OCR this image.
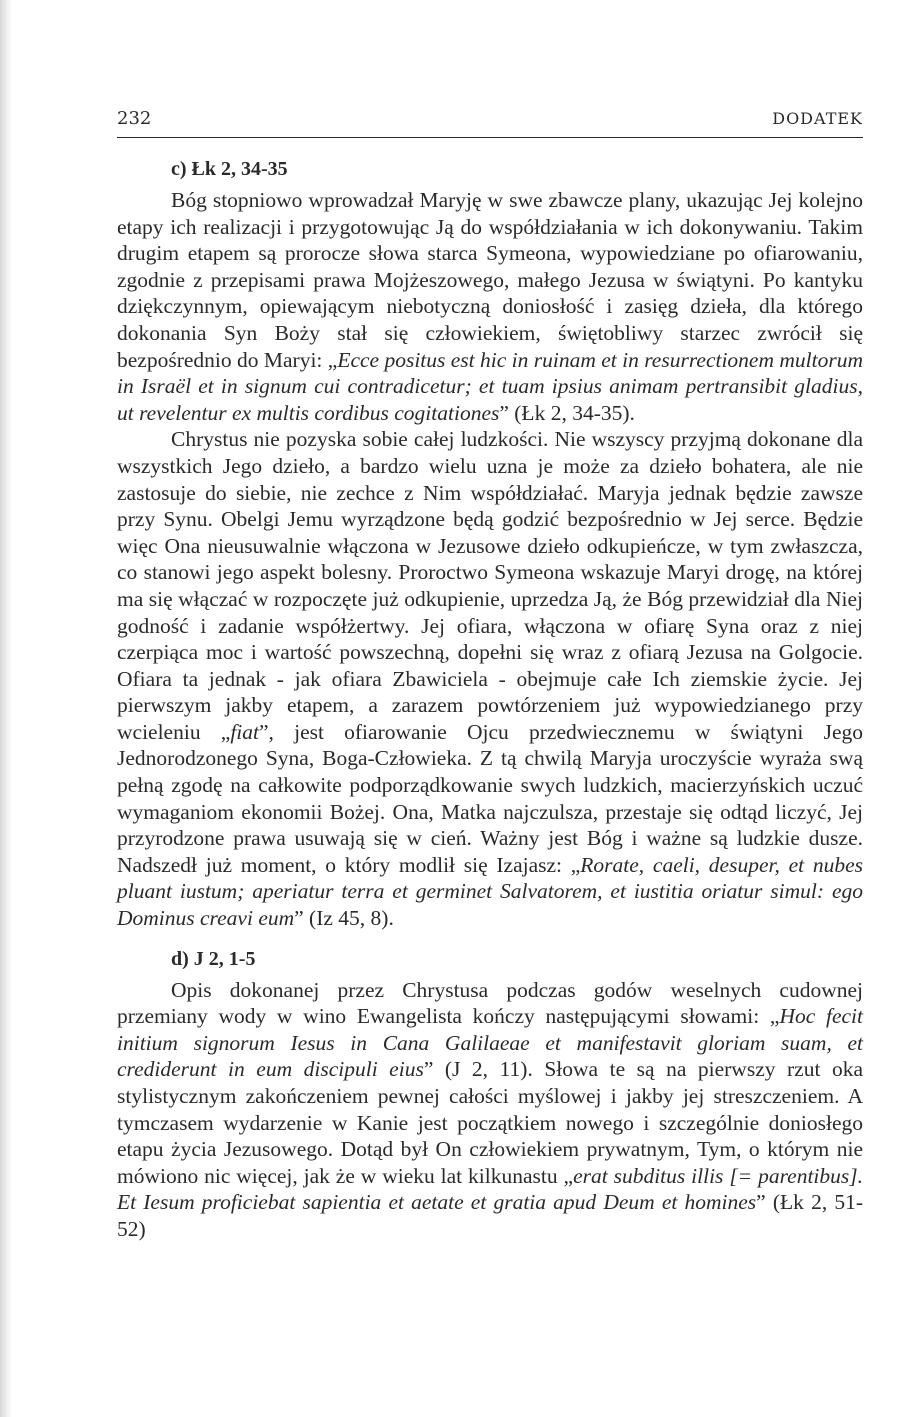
232	DODATEK
c) Łk 2, 34-35

Bóg stopniowo wprowadzał Maryję w swe zbawcze plany, ukazując Jej kolejno etapy ich realizacji i przygotowując Ją do współdziałania w ich dokonywaniu. Takim drugim etapem są prorocze słowa starca Symeona, wypowiedziane po ofiarowaniu, zgodnie z przepisami prawa Mojżeszowego, małego Jezusa w świątyni. Po kantyku dziękczynnym, opiewającym niebotyczną doniosłość i zasięg dzieła, dla którego dokonania Syn Boży stał się człowiekiem, świętobliwy starzec zwrócił się bezpośrednio do Maryi: „Ecce positus est hic in ruinam et in resurrectionem multorum in Israël et in signum cui contradicetur; et tuam ipsius animam pertransibit gladius, ut revelentur ex multis cordibus cogitationes” (Łk 2, 34-35).

Chrystus nie pozyska sobie całej ludzkości. Nie wszyscy przyjmą dokonane dla wszystkich Jego dzieło, a bardzo wielu uzna je może za dzieło bohatera, ale nie zastosuje do siebie, nie zechce z Nim współdziałać. Maryja jednak będzie zawsze przy Synu. Obelgi Jemu wyrządzone będą godzić bezpośrednio w Jej serce. Będzie więc Ona nieusuwalnie włączona w Jezusowe dzieło odkupieńcze, w tym zwłaszcza, co stanowi jego aspekt bolesny. Proroctwo Symeona wskazuje Maryi drogę, na której ma się włączać w rozpoczęte już odkupienie, uprzedza Ją, że Bóg przewidział dla Niej godność i zadanie współżertwy. Jej ofiara, włączona w ofiarę Syna oraz z niej czerpiąca moc i wartość powszechną, dopełni się wraz z ofiarą Jezusa na Golgocie. Ofiara ta jednak - jak ofiara Zbawiciela - obejmuje całe Ich ziemskie życie. Jej pierwszym jakby etapem, a zarazem powtórzeniem już wypowiedzianego przy wcieleniu „fiat”, jest ofiarowanie Ojcu przedwiecznemu w świątyni Jego Jednorodzonego Syna, Boga-Człowieka. Z tą chwilą Maryja uroczyście wyraża swą pełną zgodę na całkowite podporządkowanie swych ludzkich, macierzyńskich uczuć wymaganiom ekonomii Bożej. Ona, Matka najczulsza, przestaje się odtąd liczyć, Jej przyrodzone prawa usuwają się w cień. Ważny jest Bóg i ważne są ludzkie dusze. Nadszedł już moment, o który modlił się Izajasz: „Rorate, caeli, desuper, et nubes pluant iustum; aperiatur terra et germinet Salvatorem, et iustitia oriatur simul: ego Dominus creavi eum” (Iz 45, 8).

d) J 2, 1-5

Opis dokonanej przez Chrystusa podczas godów weselnych cudownej przemiany wody w wino Ewangelista kończy następującymi słowami: „Hoc fecit initium signorum Iesus in Cana Galilaeae et manifestavit gloriam suam, et crediderunt in eum discipuli eius” (J 2, 11). Słowa te są na pierwszy rzut oka stylistycznym zakończeniem pewnej całości myślowej i jakby jej streszczeniem. A tymczasem wydarzenie w Kanie jest początkiem nowego i szczególnie doniosłego etapu życia Jezusowego. Dotąd był On człowiekiem prywatnym, Tym, o którym nie mówiono nic więcej, jak że w wieku lat kilkunastu „erat subditus illis [= parentibus]. Et Iesum proficiebat sapientia et aetate et gratia apud Deum et homines” (Łk 2, 51-52)
